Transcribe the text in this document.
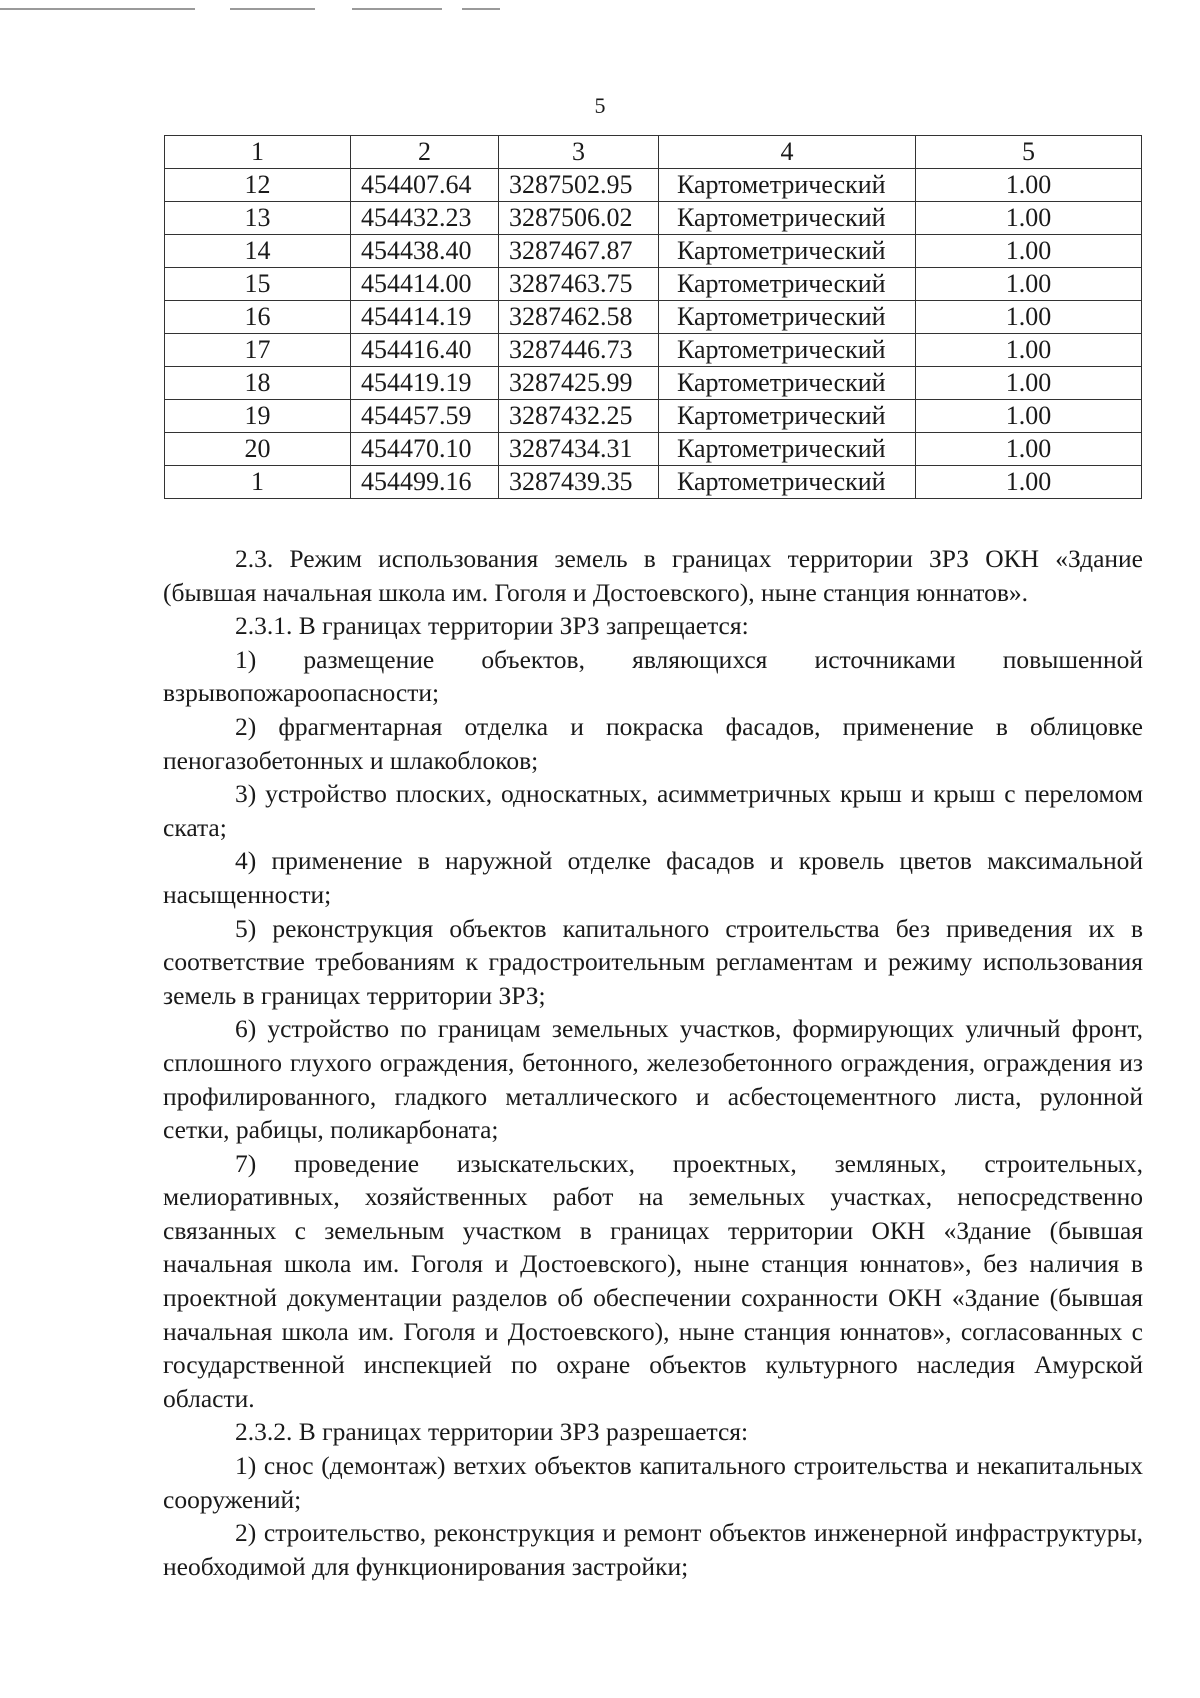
5
1	2	3	4	5
12	454407.64	3287502.95	Картометрический	1.00
13	454432.23	3287506.02	Картометрический	1.00
14	454438.40	3287467.87	Картометрический	1.00
15	454414.00	3287463.75	Картометрический	1.00
16	454414.19	3287462.58	Картометрический	1.00
17	454416.40	3287446.73	Картометрический	1.00
18	454419.19	3287425.99	Картометрический	1.00
19	454457.59	3287432.25	Картометрический	1.00
20	454470.10	3287434.31	Картометрический	1.00
1	454499.16	3287439.35	Картометрический	1.00

2.3. Режим использования земель в границах территории ЗРЗ ОКН «Здание (бывшая начальная школа им. Гоголя и Достоевского), ныне станция юннатов».

2.3.1. В границах территории ЗРЗ запрещается:

1) размещение объектов, являющихся источниками повышенной взрывопожароопасности;

2) фрагментарная отделка и покраска фасадов, применение в облицовке пеногазобетонных и шлакоблоков;

3) устройство плоских, односкатных, асимметричных крыш и крыш с переломом ската;

4) применение в наружной отделке фасадов и кровель цветов максимальной насыщенности;

5) реконструкция объектов капитального строительства без приведения их в соответствие требованиям к градостроительным регламентам и режиму использования земель в границах территории ЗРЗ;

6) устройство по границам земельных участков, формирующих уличный фронт, сплошного глухого ограждения, бетонного, железобетонного ограждения, ограждения из профилированного, гладкого металлического и асбестоцементного листа, рулонной сетки, рабицы, поликарбоната;

7) проведение изыскательских, проектных, земляных, строительных, мелиоративных, хозяйственных работ на земельных участках, непосредственно связанных с земельным участком в границах территории ОКН «Здание (бывшая начальная школа им. Гоголя и Достоевского), ныне станция юннатов», без наличия в проектной документации разделов об обеспечении сохранности ОКН «Здание (бывшая начальная школа им. Гоголя и Достоевского), ныне станция юннатов», согласованных с государственной инспекцией по охране объектов культурного наследия Амурской области.

2.3.2. В границах территории ЗРЗ разрешается:

1) снос (демонтаж) ветхих объектов капитального строительства и некапитальных сооружений;

2) строительство, реконструкция и ремонт объектов инженерной инфраструктуры, необходимой для функционирования застройки;
